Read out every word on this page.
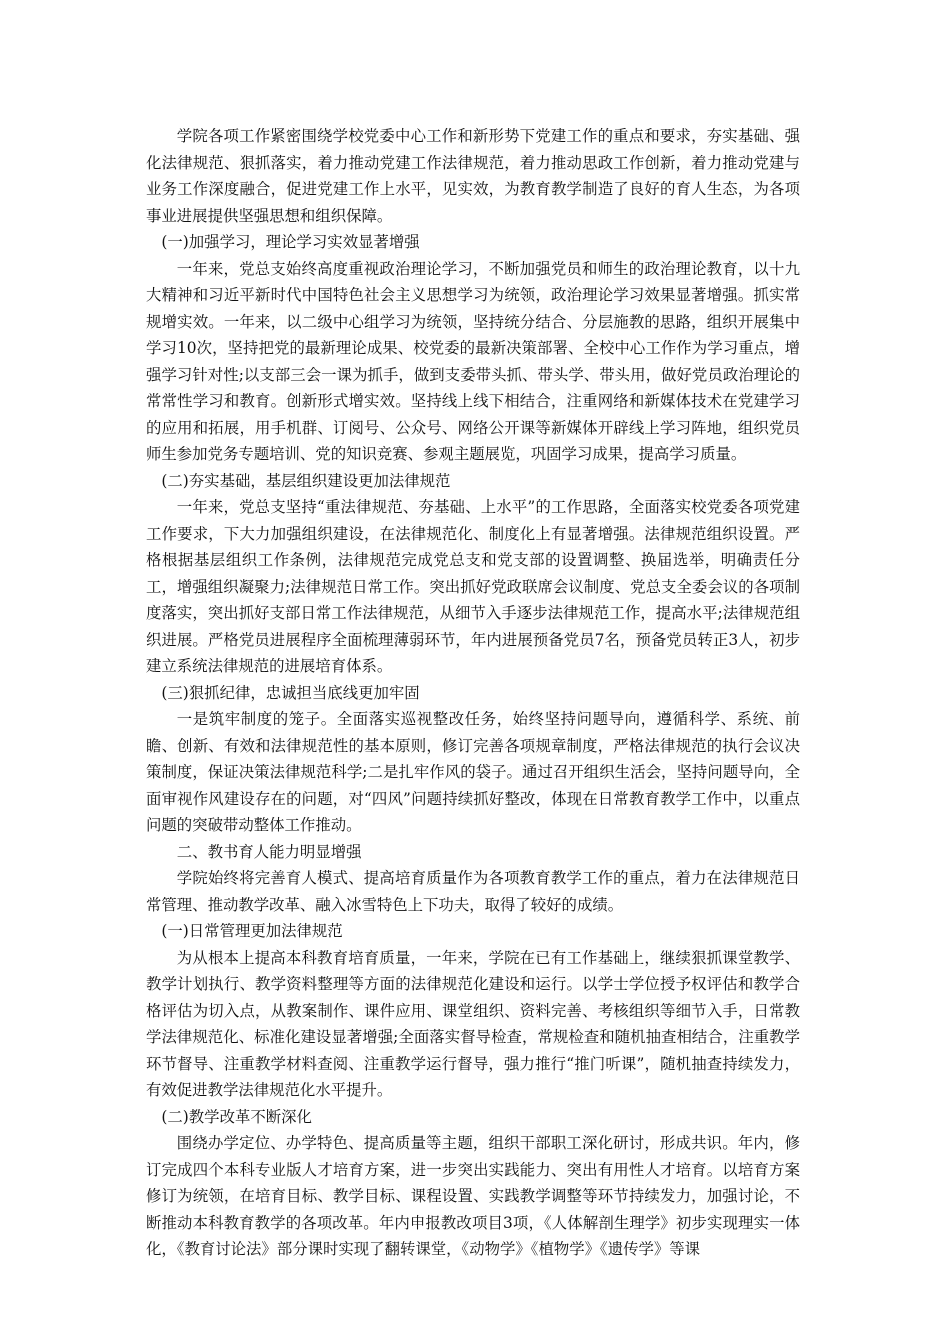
学院各项工作紧密围绕学校党委中心工作和新形势下党建工作的重点和要求，夯实基础、强化法律规范、狠抓落实，着力推动党建工作法律规范，着力推动思政工作创新，着力推动党建与业务工作深度融合，促进党建工作上水平，见实效，为教育教学制造了良好的育人生态，为各项事业进展提供坚强思想和组织保障。

(一)加强学习，理论学习实效显著增强

一年来，党总支始终高度重视政治理论学习，不断加强党员和师生的政治理论教育，以十九大精神和习近平新时代中国特色社会主义思想学习为统领，政治理论学习效果显著增强。抓实常规增实效。一年来，以二级中心组学习为统领，坚持统分结合、分层施教的思路，组织开展集中学习10次，坚持把党的最新理论成果、校党委的最新决策部署、全校中心工作作为学习重点，增强学习针对性;以支部三会一课为抓手，做到支委带头抓、带头学、带头用，做好党员政治理论的常常性学习和教育。创新形式增实效。坚持线上线下相结合，注重网络和新媒体技术在党建学习的应用和拓展，用手机群、订阅号、公众号、网络公开课等新媒体开辟线上学习阵地，组织党员师生参加党务专题培训、党的知识竞赛、参观主题展览，巩固学习成果，提高学习质量。

(二)夯实基础，基层组织建设更加法律规范

一年来，党总支坚持“重法律规范、夯基础、上水平”的工作思路，全面落实校党委各项党建工作要求，下大力加强组织建设，在法律规范化、制度化上有显著增强。法律规范组织设置。严格根据基层组织工作条例，法律规范完成党总支和党支部的设置调整、换届选举，明确责任分工，增强组织凝聚力;法律规范日常工作。突出抓好党政联席会议制度、党总支全委会议的各项制度落实，突出抓好支部日常工作法律规范，从细节入手逐步法律规范工作，提高水平;法律规范组织进展。严格党员进展程序全面梳理薄弱环节，年内进展预备党员7名，预备党员转正3人，初步建立系统法律规范的进展培育体系。

(三)狠抓纪律，忠诚担当底线更加牢固

一是筑牢制度的笼子。全面落实巡视整改任务，始终坚持问题导向，遵循科学、系统、前瞻、创新、有效和法律规范性的基本原则，修订完善各项规章制度，严格法律规范的执行会议决策制度，保证决策法律规范科学;二是扎牢作风的袋子。通过召开组织生活会，坚持问题导向，全面审视作风建设存在的问题，对“四风”问题持续抓好整改，体现在日常教育教学工作中，以重点问题的突破带动整体工作推动。

二、教书育人能力明显增强

学院始终将完善育人模式、提高培育质量作为各项教育教学工作的重点，着力在法律规范日常管理、推动教学改革、融入冰雪特色上下功夫，取得了较好的成绩。

(一)日常管理更加法律规范

为从根本上提高本科教育培育质量，一年来，学院在已有工作基础上，继续狠抓课堂教学、教学计划执行、教学资料整理等方面的法律规范化建设和运行。以学士学位授予权评估和教学合格评估为切入点，从教案制作、课件应用、课堂组织、资料完善、考核组织等细节入手，日常教学法律规范化、标准化建设显著增强;全面落实督导检查，常规检查和随机抽查相结合，注重教学环节督导、注重教学材料查阅、注重教学运行督导，强力推行“推门听课”，随机抽查持续发力，有效促进教学法律规范化水平提升。

(二)教学改革不断深化

围绕办学定位、办学特色、提高质量等主题，组织干部职工深化研讨，形成共识。年内，修订完成四个本科专业版人才培育方案，进一步突出实践能力、突出有用性人才培育。以培育方案修订为统领，在培育目标、教学目标、课程设置、实践教学调整等环节持续发力，加强讨论，不断推动本科教育教学的各项改革。年内申报教改项目3项，《人体解剖生理学》初步实现理实一体化，《教育讨论法》部分课时实现了翻转课堂，《动物学》《植物学》《遗传学》等课
